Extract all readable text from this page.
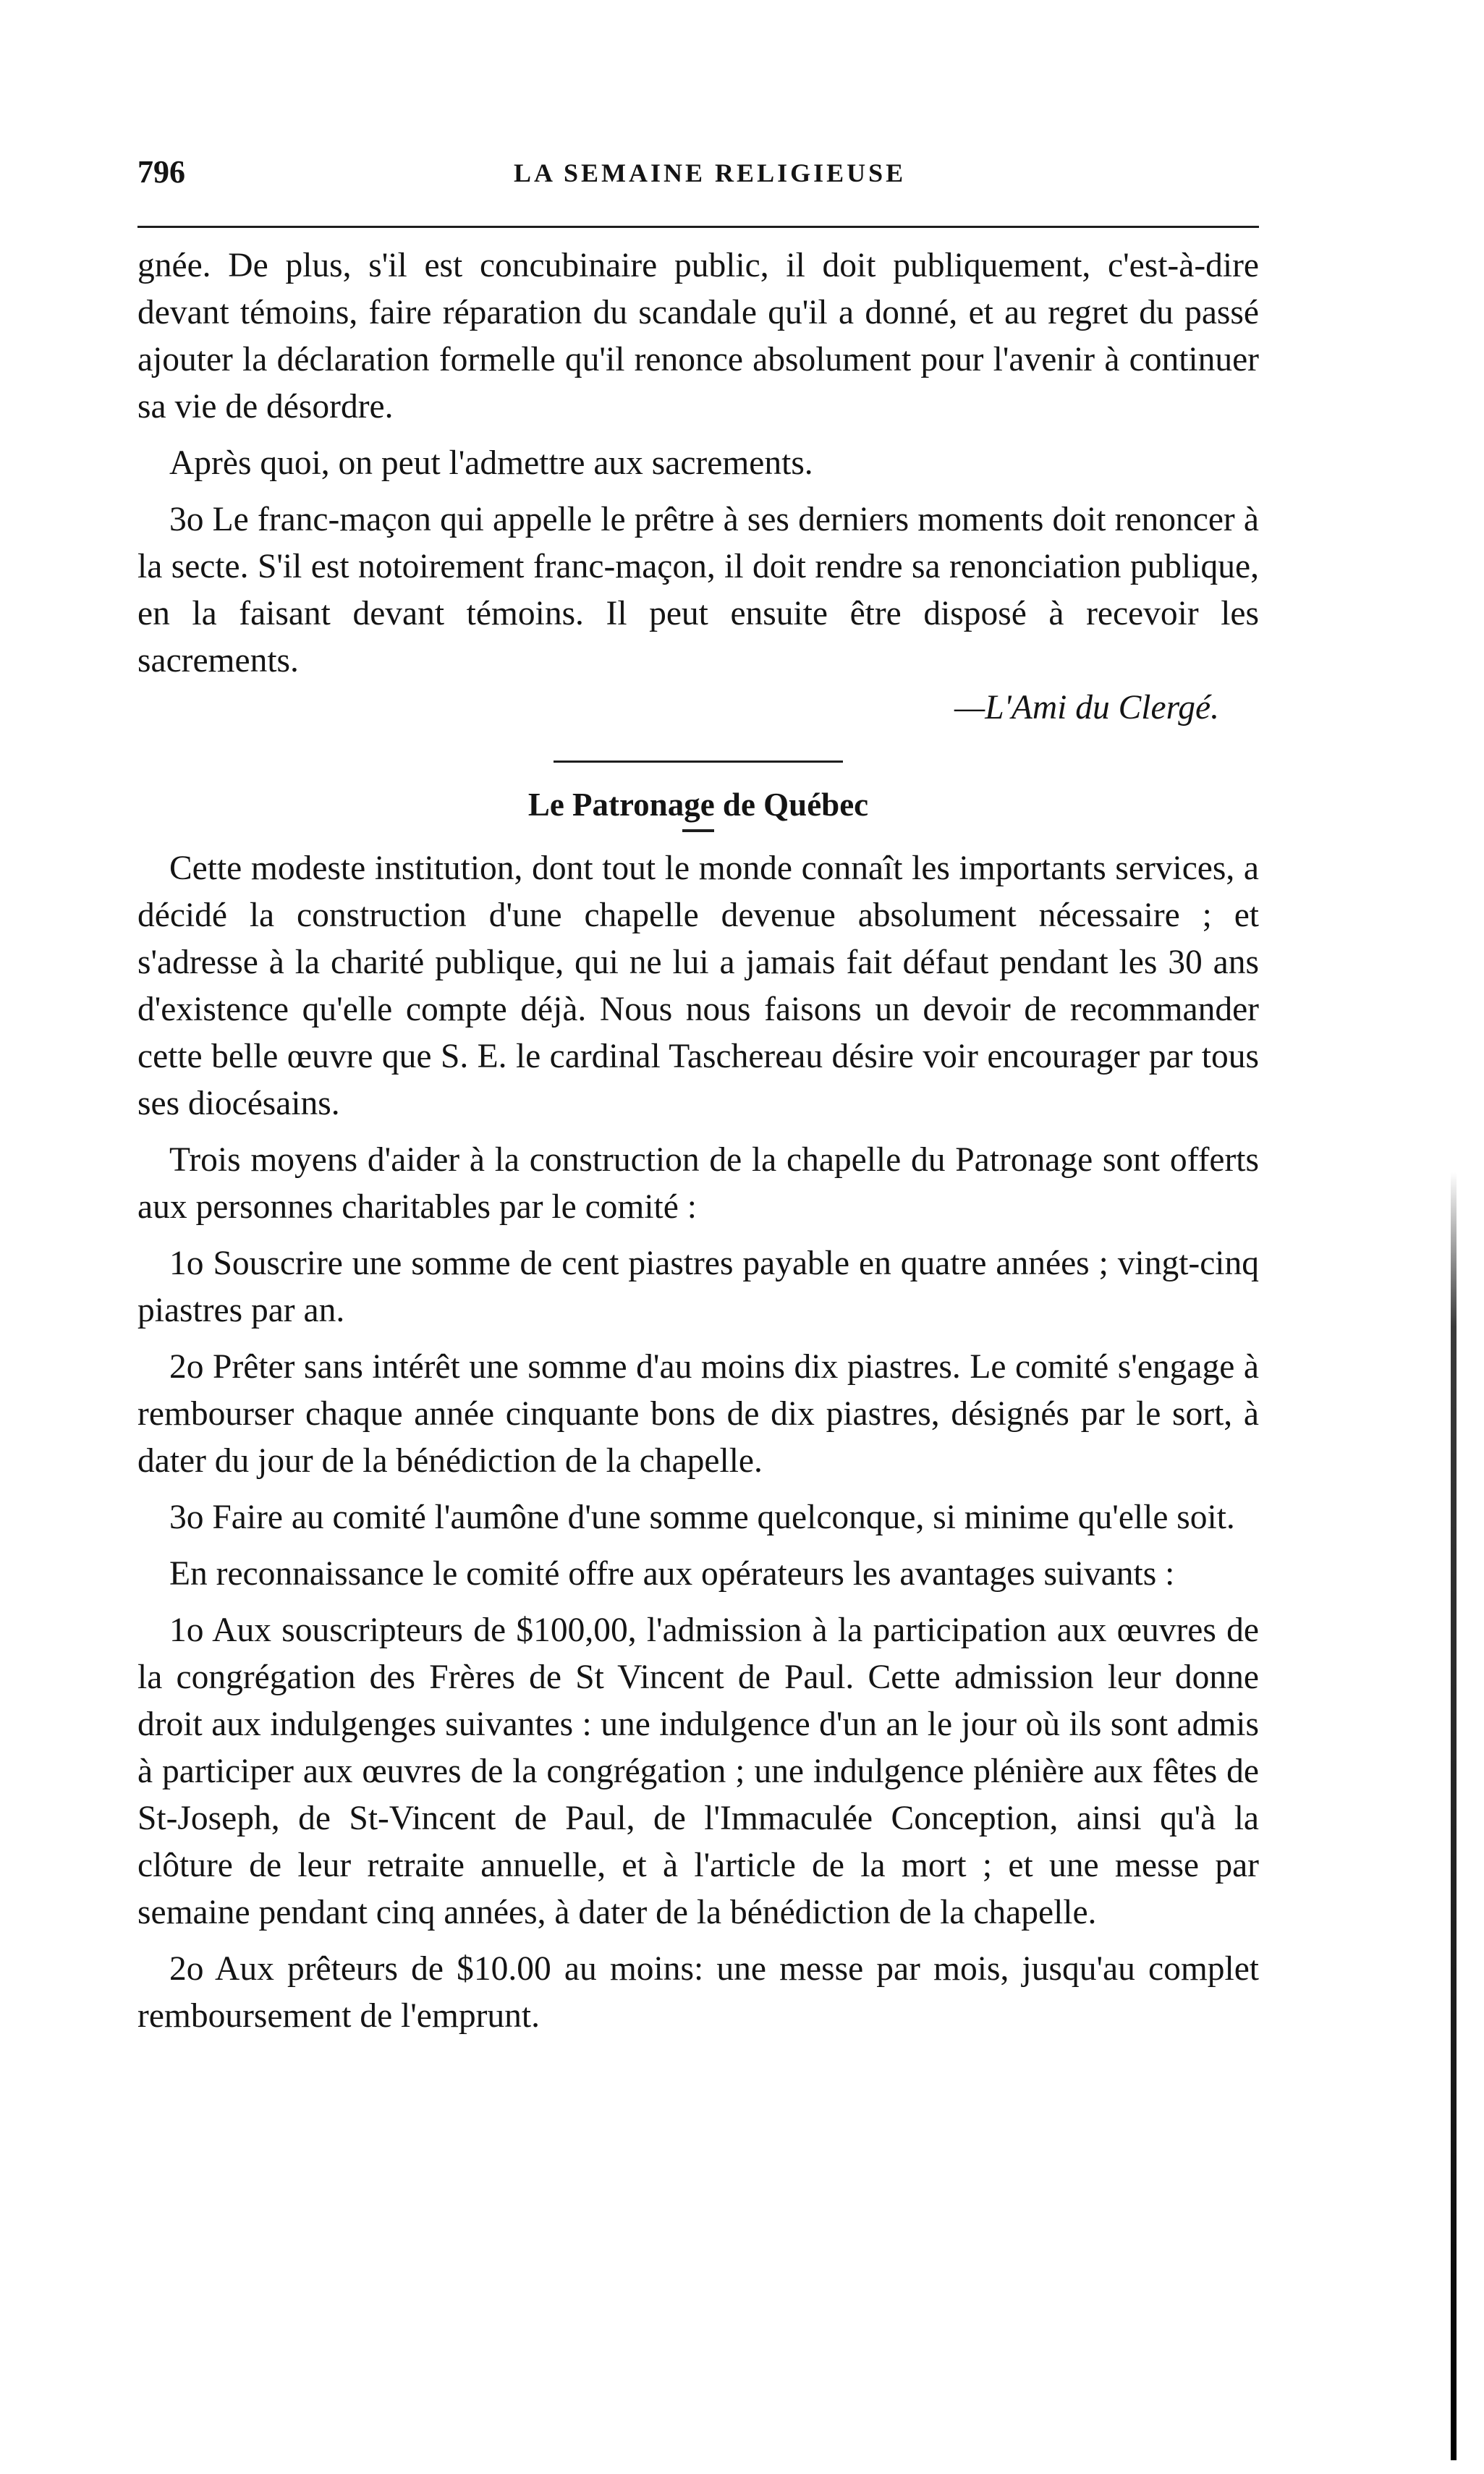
796	LA SEMAINE RELIGIEUSE

gnée. De plus, s'il est concubinaire public, il doit publiquement, c'est-à-dire devant témoins, faire réparation du scandale qu'il a donné, et au regret du passé ajouter la déclaration formelle qu'il renonce absolument pour l'avenir à continuer sa vie de désordre.

Après quoi, on peut l'admettre aux sacrements.

3o Le franc-maçon qui appelle le prêtre à ses derniers moments doit renoncer à la secte. S'il est notoirement franc-maçon, il doit rendre sa renonciation publique, en la faisant devant témoins. Il peut ensuite être disposé à recevoir les sacrements.

—L'Ami du Clergé.

Le Patronage de Québec

Cette modeste institution, dont tout le monde connaît les importants services, a décidé la construction d'une chapelle devenue absolument nécessaire ; et s'adresse à la charité publique, qui ne lui a jamais fait défaut pendant les 30 ans d'existence qu'elle compte déjà. Nous nous faisons un devoir de recommander cette belle œuvre que S. E. le cardinal Taschereau désire voir encourager par tous ses diocésains.

Trois moyens d'aider à la construction de la chapelle du Patronage sont offerts aux personnes charitables par le comité :

1o Souscrire une somme de cent piastres payable en quatre années ; vingt-cinq piastres par an.

2o Prêter sans intérêt une somme d'au moins dix piastres. Le comité s'engage à rembourser chaque année cinquante bons de dix piastres, désignés par le sort, à dater du jour de la bénédiction de la chapelle.

3o Faire au comité l'aumône d'une somme quelconque, si minime qu'elle soit.

En reconnaissance le comité offre aux opérateurs les avantages suivants :

1o Aux souscripteurs de $100,00, l'admission à la participation aux œuvres de la congrégation des Frères de St Vincent de Paul. Cette admission leur donne droit aux indulgenges suivantes : une indulgence d'un an le jour où ils sont admis à participer aux œuvres de la congrégation ; une indulgence plénière aux fêtes de St-Joseph, de St-Vincent de Paul, de l'Immaculée Conception, ainsi qu'à la clôture de leur retraite annuelle, et à l'article de la mort ; et une messe par semaine pendant cinq années, à dater de la bénédiction de la chapelle.

2o Aux prêteurs de $10.00 au moins: une messe par mois, jusqu'au complet remboursement de l'emprunt.
